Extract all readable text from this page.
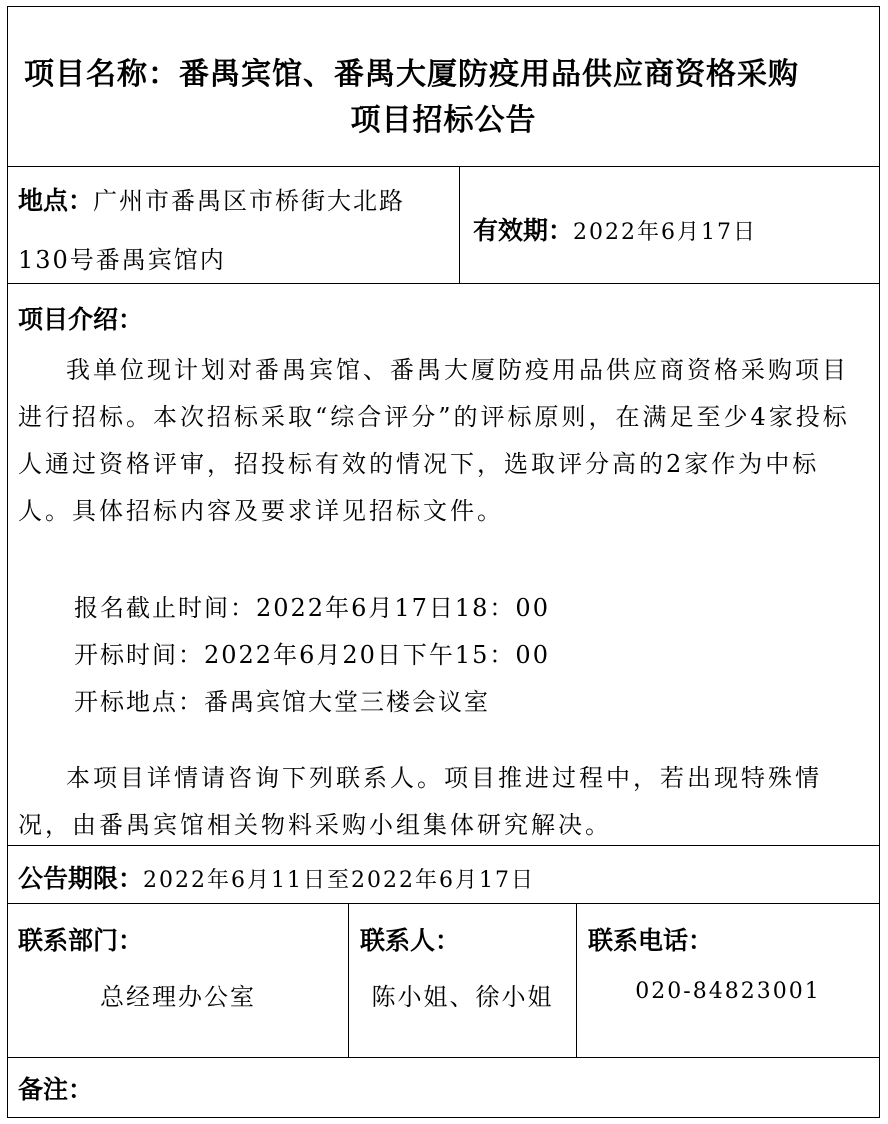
项目名称：番禺宾馆、番禺大厦防疫用品供应商资格采购
项目招标公告
地点：广州市番禺区市桥街大北路
130号番禺宾馆内
有效期：2022年6月17日
项目介绍：
我单位现计划对番禺宾馆、番禺大厦防疫用品供应商资格采购项目进行招标。本次招标采取“综合评分”的评标原则，在满足至少4家投标人通过资格评审，招投标有效的情况下，选取评分高的2家作为中标人。具体招标内容及要求详见招标文件。
报名截止时间：2022年6月17日18：00
开标时间：2022年6月20日下午15：00
开标地点：番禺宾馆大堂三楼会议室
本项目详情请咨询下列联系人。项目推进过程中，若出现特殊情况，由番禺宾馆相关物料采购小组集体研究解决。
公告期限：2022年6月11日至2022年6月17日
联系部门：
总经理办公室
联系人：
陈小姐、徐小姐
联系电话：
020-84823001
备注：
